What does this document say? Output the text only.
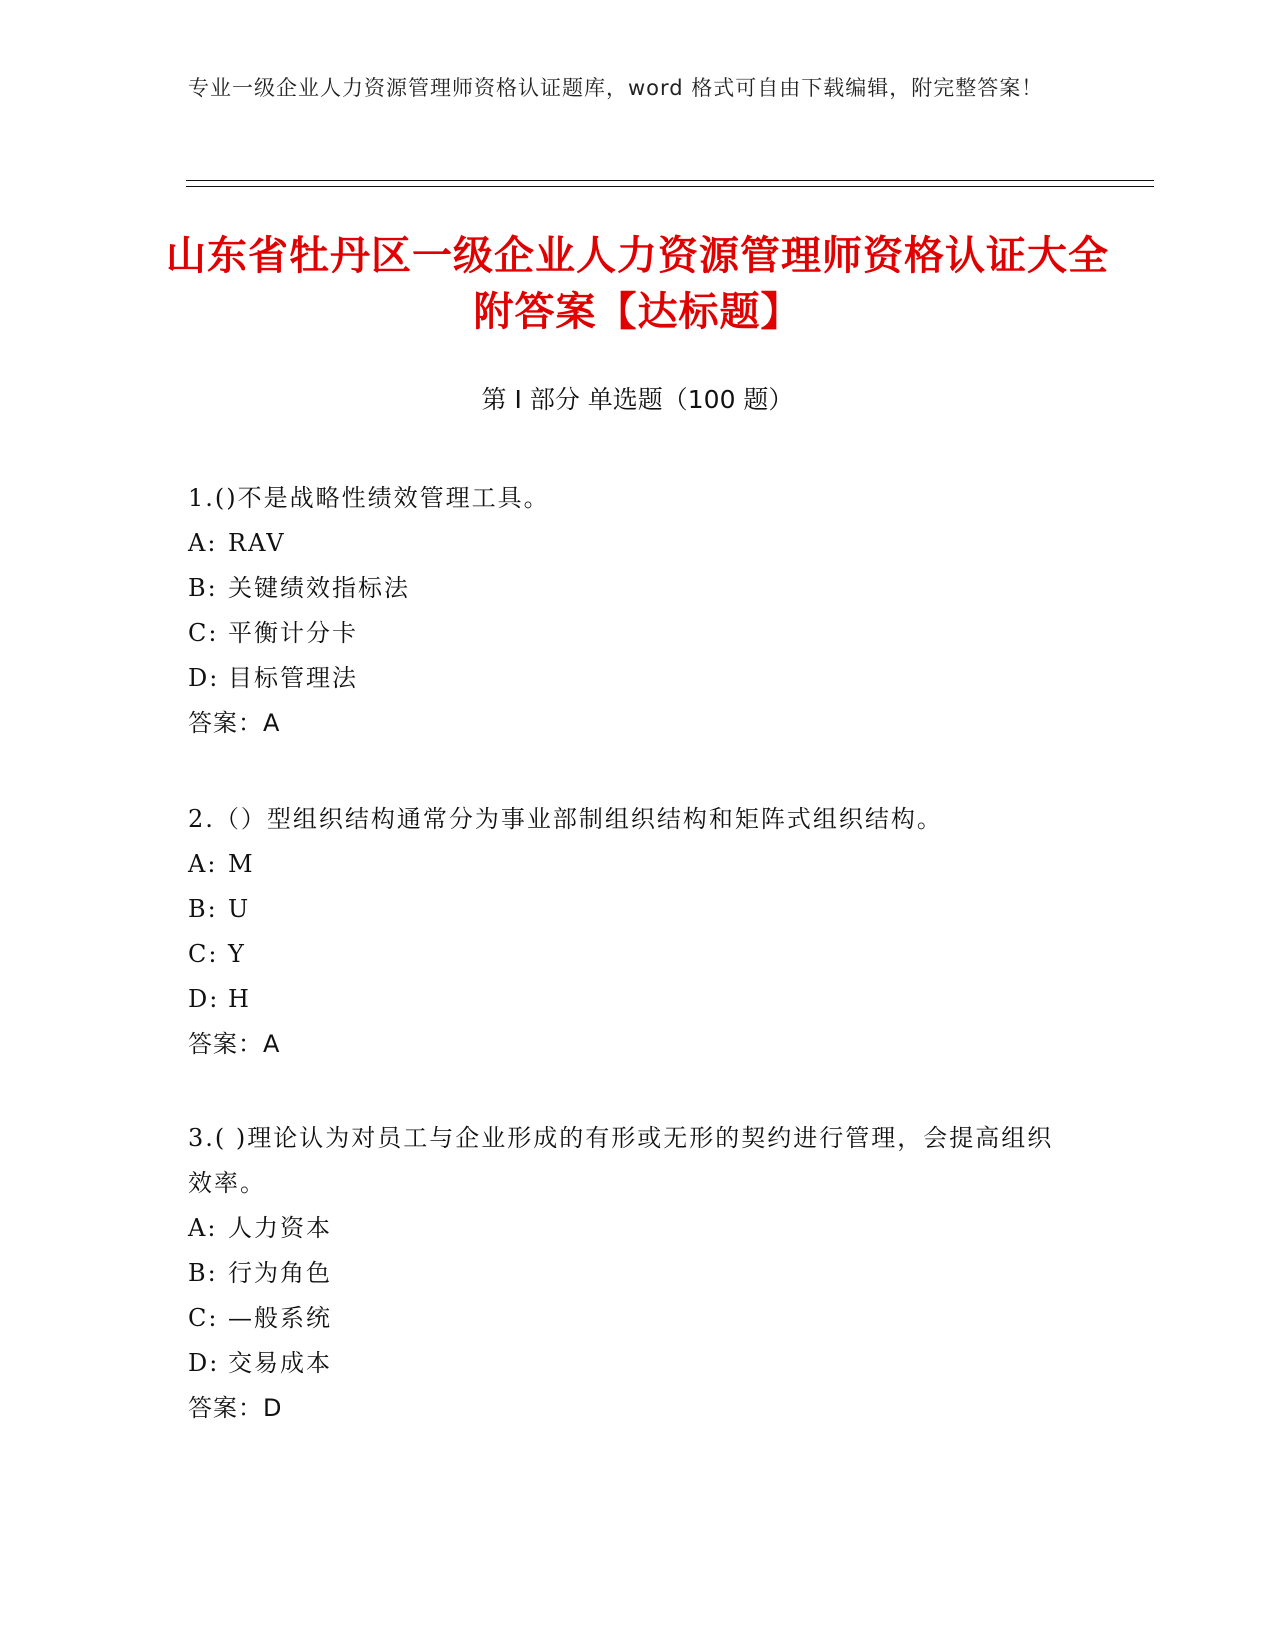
专业一级企业人力资源管理师资格认证题库，word 格式可自由下载编辑，附完整答案！
山东省牡丹区一级企业人力资源管理师资格认证大全附答案【达标题】
第 I 部分 单选题（100 题）
1.()不是战略性绩效管理工具。
A: RAV
B: 关键绩效指标法
C: 平衡计分卡
D: 目标管理法
答案：A
2.（）型组织结构通常分为事业部制组织结构和矩阵式组织结构。
A: M
B: U
C: Y
D: H
答案：A
3.( )理论认为对员工与企业形成的有形或无形的契约进行管理，会提高组织效率。
A: 人力资本
B: 行为角色
C: —般系统
D: 交易成本
答案：D
